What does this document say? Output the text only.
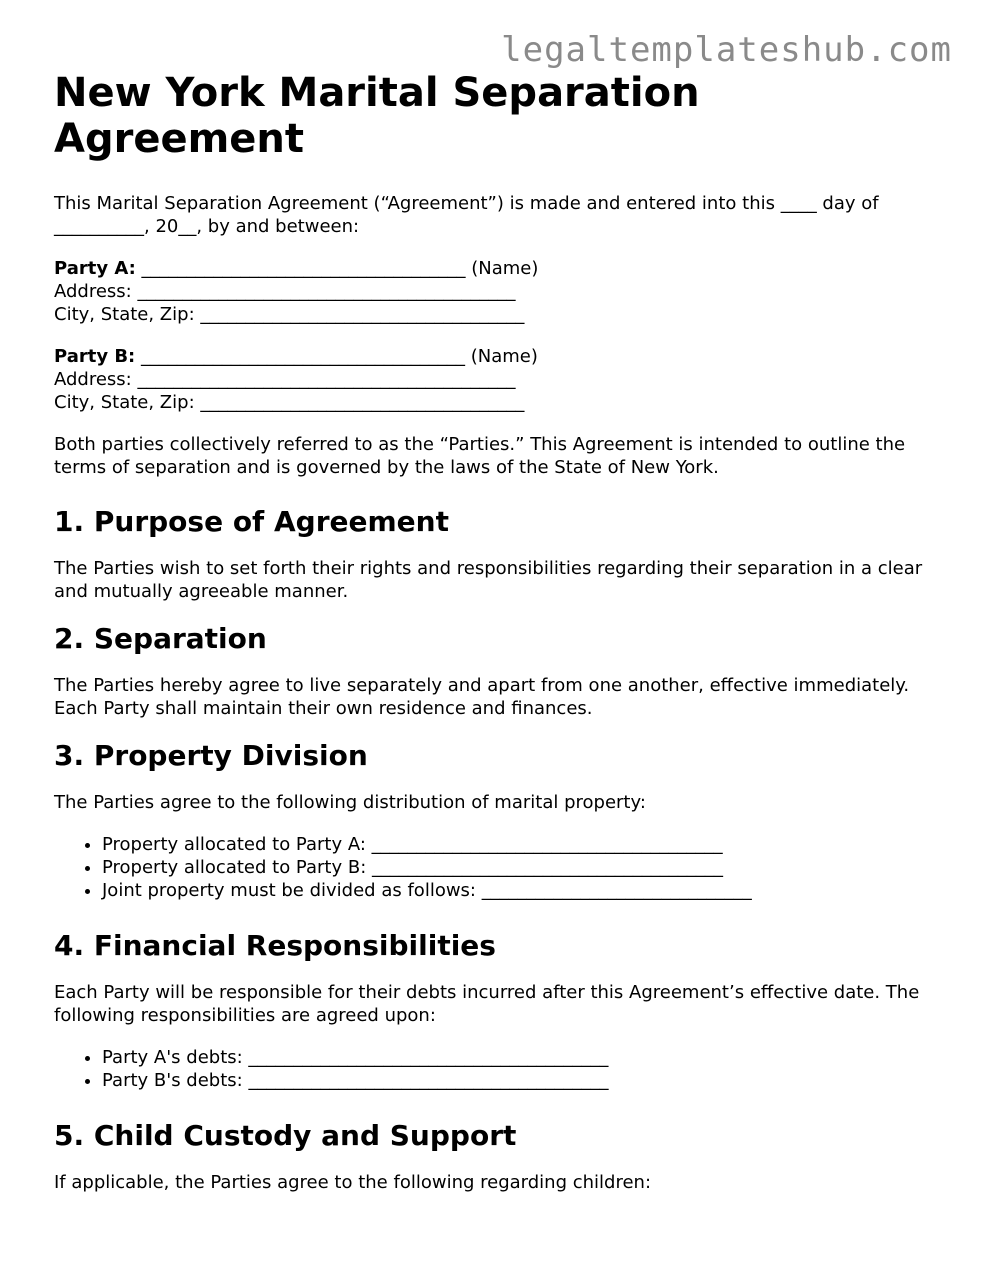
legaltemplateshub.com
New York Marital Separation Agreement

This Marital Separation Agreement (“Agreement”) is made and entered into this ____ day of __________, 20__, by and between:

Party A: ____________________________________ (Name)
Address: __________________________________________
City, State, Zip: ____________________________________
Party B: ____________________________________ (Name)
Address: __________________________________________
City, State, Zip: ____________________________________

Both parties collectively referred to as the “Parties.” This Agreement is intended to outline the terms of separation and is governed by the laws of the State of New York.

1. Purpose of Agreement

The Parties wish to set forth their rights and responsibilities regarding their separation in a clear and mutually agreeable manner.

2. Separation

The Parties hereby agree to live separately and apart from one another, effective immediately. Each Party shall maintain their own residence and finances.

3. Property Division

The Parties agree to the following distribution of marital property:

• Property allocated to Party A: _______________________________________
• Property allocated to Party B: _______________________________________
• Joint property must be divided as follows: ______________________________
4. Financial Responsibilities

Each Party will be responsible for their debts incurred after this Agreement’s effective date. The following responsibilities are agreed upon:

• Party A's debts: ________________________________________
• Party B's debts: ________________________________________
5. Child Custody and Support

If applicable, the Parties agree to the following regarding children:
